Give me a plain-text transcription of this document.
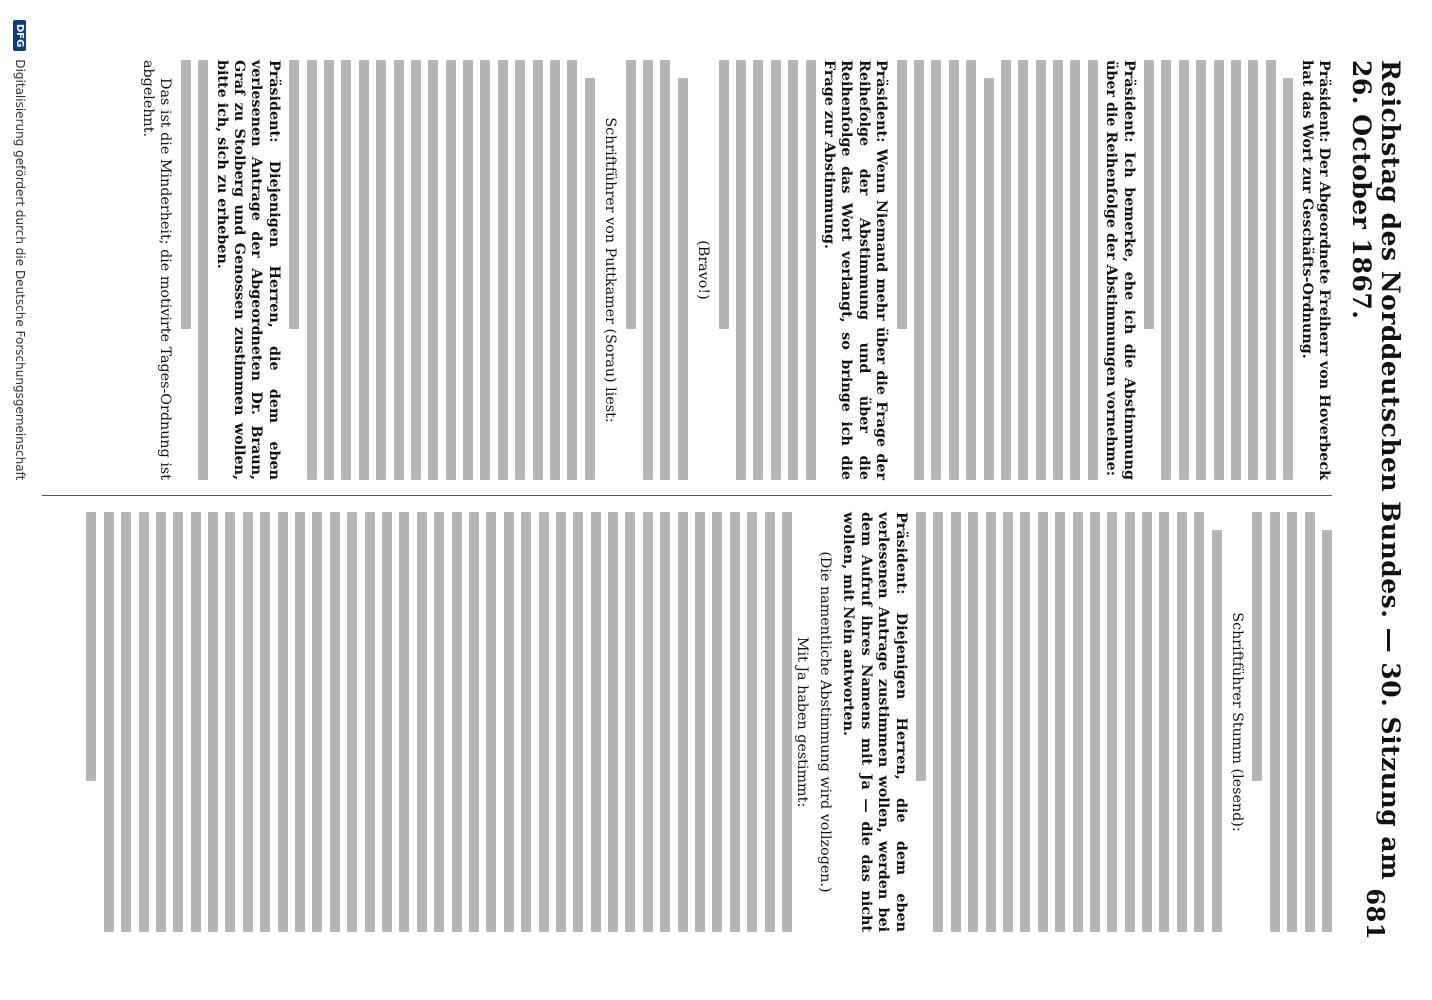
Reichstag des Norddeutschen Bundes. — 30. Sitzung am 26. October 1867.
681

Präsident: Der Abgeordnete Freiherr von Hoverbeck hat das Wort zur Geschäfts-Ordnung.

Präsident: Ich bemerke, ehe ich die Abstimmung über die Reihenfolge der Abstimmungen vornehme:

Präsident: Wenn Niemand mehr über die Frage der Reihefolge der Abstimmung und über die Reihenfolge das Wort verlangt, so bringe ich die Frage zur Abstimmung.

(Bravo!)

Schriftführer von Puttkamer (Sorau) liest:

Präsident: Diejenigen Herren, die dem eben verlesenen Antrage der Abgeordneten Dr. Braun, Graf zu Stolberg und Genossen zustimmen wollen, bitte ich, sich zu erheben.

Das ist die Minderheit; die motivirte Tages-Ordnung ist abgelehnt.

Schriftführer Stumm (lesend):

Präsident: Diejenigen Herren, die dem eben verlesenen Antrage zustimmen wollen, werden bei dem Aufruf ihres Namens mit Ja — die das nicht wollen, mit Nein antworten.

(Die namentliche Abstimmung wird vollzogen.)

Mit Ja haben gestimmt:

DFG
Digitalisierung gefördert durch die Deutsche Forschungsgemeinschaft
